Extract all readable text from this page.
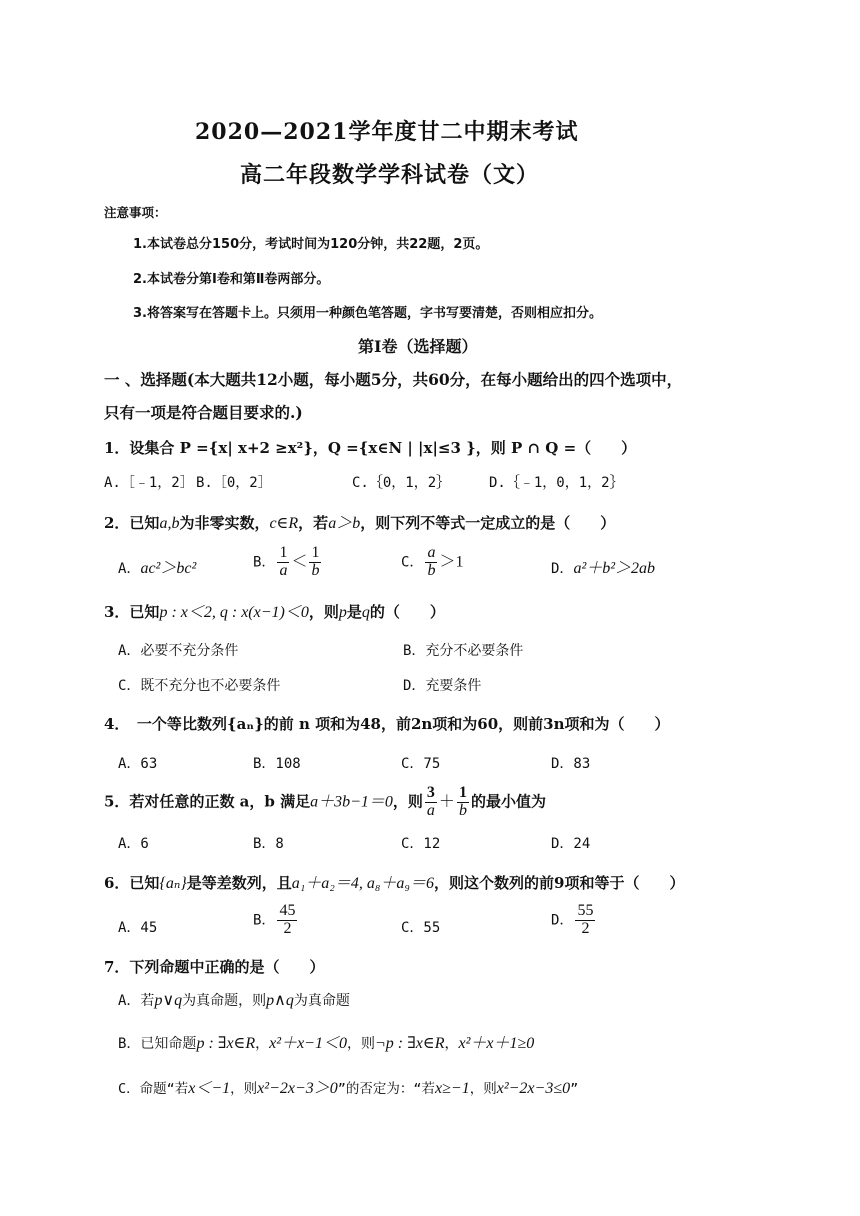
2020—2021学年度甘二中期末考试
高二年段数学学科试卷（文）
注意事项：
1.本试卷总分150分，考试时间为120分钟，共22题，2页。
2.本试卷分第Ⅰ卷和第Ⅱ卷两部分。
3.将答案写在答题卡上。只须用一种颜色笔答题，字书写要清楚，否则相应扣分。
第Ⅰ卷（选择题）
一 、选择题(本大题共12小题，每小题5分，共60分，在每小题给出的四个选项中，
只有一项是符合题目要求的.)
1．设集合 P ={x| x+2 ≥x²}，Q ={x∈N | |x|≤3 }，则 P ∩ Q =（　　）
A.［﹣1，2］ B.［0，2］	C.｛0，1，2｝	D.｛﹣1，0，1，2｝
2．已知a,b为非零实数，c∈R，若a＞b，则下列不等式一定成立的是（　　）
A．ac²＞bc²	B． $\frac{1}{a} < \frac{1}{b}$	C． $\frac{a}{b} >1$	D．a²＋b²＞2ab
3．已知p : x＜2, q : x(x−1)＜0，则p是q的（　　）
A．必要不充分条件	B．充分不必要条件
C．既不充分也不必要条件	D．充要条件
4．　一个等比数列{aₙ}的前 n 项和为48，前2n项和为60，则前3n项和为（　　）
A．63	B．108	C．75	D．83
5．若对任意的正数 a，b 满足a＋3b−1＝0，则 $\frac{3}{a} + \frac{1}{b}$ 的最小值为
A．6	B．8	C．12	D．24
6．已知{aₙ}是等差数列，且a₁＋a₂＝4, a₈＋a₉＝6，则这个数列的前9项和等于（　　）
A．45	B． $\frac{45}{2}$	C．55	D． $\frac{55}{2}$
7．下列命题中正确的是（　　）
A．若p∨q为真命题，则p∧q为真命题
B．已知命题p : ∃x∈R，x²＋x−1＜0，则¬p : ∃x∈R，x²＋x＋1≥0
C．命题“若x＜−1，则x²−2x−3＞0”的否定为：“若x≥−1，则x²−2x−3≤0”
